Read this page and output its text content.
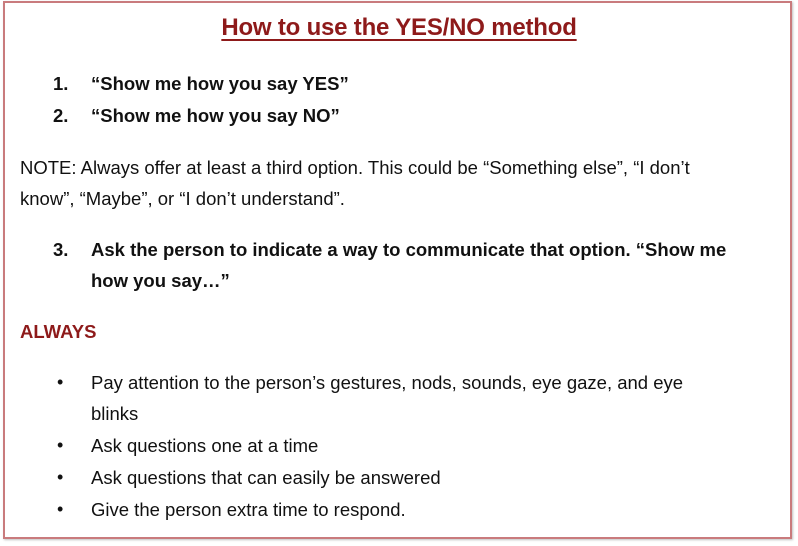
How to use the YES/NO method
1. “Show me how you say YES”
2. “Show me how you say NO”
NOTE: Always offer at least a third option. This could be “Something else”, “I don’t
know”, “Maybe”, or “I don’t understand”.
3. Ask the person to indicate a way to communicate that option. “Show me
how you say…”
ALWAYS
• Pay attention to the person’s gestures, nods, sounds, eye gaze, and eye
blinks
• Ask questions one at a time
• Ask questions that can easily be answered
• Give the person extra time to respond.
